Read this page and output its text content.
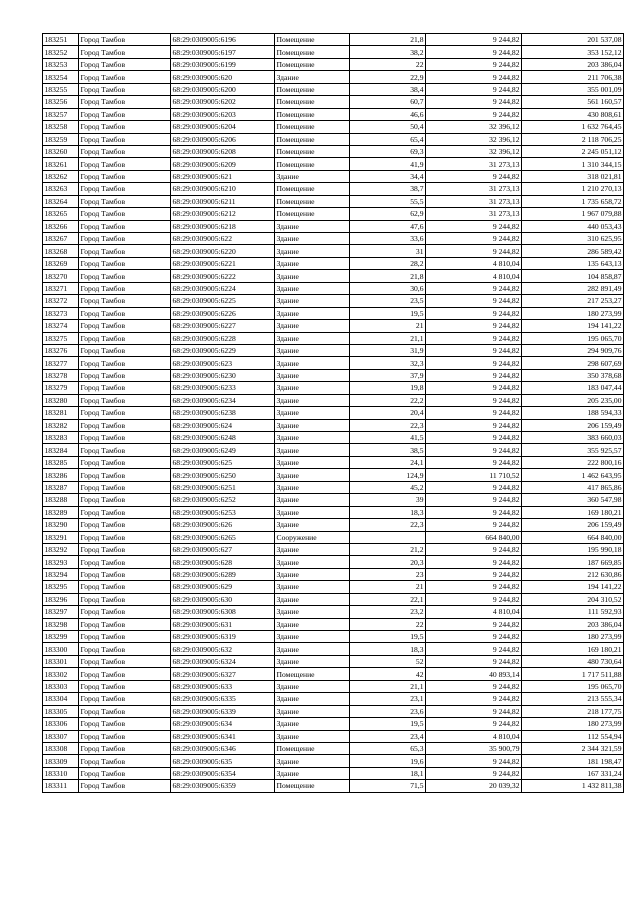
183251	Город Тамбов	68:29:0309005:6196	Помещение	21,8	9 244,82	201 537,08
183252	Город Тамбов	68:29:0309005:6197	Помещение	38,2	9 244,82	353 152,12
183253	Город Тамбов	68:29:0309005:6199	Помещение	22	9 244,82	203 386,04
183254	Город Тамбов	68:29:0309005:620	Здание	22,9	9 244,82	211 706,38
183255	Город Тамбов	68:29:0309005:6200	Помещение	38,4	9 244,82	355 001,09
183256	Город Тамбов	68:29:0309005:6202	Помещение	60,7	9 244,82	561 160,57
183257	Город Тамбов	68:29:0309005:6203	Помещение	46,6	9 244,82	430 808,61
183258	Город Тамбов	68:29:0309005:6204	Помещение	50,4	32 396,12	1 632 764,45
183259	Город Тамбов	68:29:0309005:6206	Помещение	65,4	32 396,12	2 118 706,25
183260	Город Тамбов	68:29:0309005:6208	Помещение	69,3	32 396,12	2 245 051,12
183261	Город Тамбов	68:29:0309005:6209	Помещение	41,9	31 273,13	1 310 344,15
183262	Город Тамбов	68:29:0309005:621	Здание	34,4	9 244,82	318 021,81
183263	Город Тамбов	68:29:0309005:6210	Помещение	38,7	31 273,13	1 210 270,13
183264	Город Тамбов	68:29:0309005:6211	Помещение	55,5	31 273,13	1 735 658,72
183265	Город Тамбов	68:29:0309005:6212	Помещение	62,9	31 273,13	1 967 079,88
183266	Город Тамбов	68:29:0309005:6218	Здание	47,6	9 244,82	440 053,43
183267	Город Тамбов	68:29:0309005:622	Здание	33,6	9 244,82	310 625,95
183268	Город Тамбов	68:29:0309005:6220	Здание	31	9 244,82	286 589,42
183269	Город Тамбов	68:29:0309005:6221	Здание	28,2	4 810,04	135 643,13
183270	Город Тамбов	68:29:0309005:6222	Здание	21,8	4 810,04	104 858,87
183271	Город Тамбов	68:29:0309005:6224	Здание	30,6	9 244,82	282 891,49
183272	Город Тамбов	68:29:0309005:6225	Здание	23,5	9 244,82	217 253,27
183273	Город Тамбов	68:29:0309005:6226	Здание	19,5	9 244,82	180 273,99
183274	Город Тамбов	68:29:0309005:6227	Здание	21	9 244,82	194 141,22
183275	Город Тамбов	68:29:0309005:6228	Здание	21,1	9 244,82	195 065,70
183276	Город Тамбов	68:29:0309005:6229	Здание	31,9	9 244,82	294 909,76
183277	Город Тамбов	68:29:0309005:623	Здание	32,3	9 244,82	298 607,69
183278	Город Тамбов	68:29:0309005:6230	Здание	37,9	9 244,82	350 378,68
183279	Город Тамбов	68:29:0309005:6233	Здание	19,8	9 244,82	183 047,44
183280	Город Тамбов	68:29:0309005:6234	Здание	22,2	9 244,82	205 235,00
183281	Город Тамбов	68:29:0309005:6238	Здание	20,4	9 244,82	188 594,33
183282	Город Тамбов	68:29:0309005:624	Здание	22,3	9 244,82	206 159,49
183283	Город Тамбов	68:29:0309005:6248	Здание	41,5	9 244,82	383 660,03
183284	Город Тамбов	68:29:0309005:6249	Здание	38,5	9 244,82	355 925,57
183285	Город Тамбов	68:29:0309005:625	Здание	24,1	9 244,82	222 800,16
183286	Город Тамбов	68:29:0309005:6250	Здание	124,9	11 710,52	1 462 643,95
183287	Город Тамбов	68:29:0309005:6251	Здание	45,2	9 244,82	417 865,86
183288	Город Тамбов	68:29:0309005:6252	Здание	39	9 244,82	360 547,98
183289	Город Тамбов	68:29:0309005:6253	Здание	18,3	9 244,82	169 180,21
183290	Город Тамбов	68:29:0309005:626	Здание	22,3	9 244,82	206 159,49
183291	Город Тамбов	68:29:0309005:6265	Сооружение		664 840,00	664 840,00
183292	Город Тамбов	68:29:0309005:627	Здание	21,2	9 244,82	195 990,18
183293	Город Тамбов	68:29:0309005:628	Здание	20,3	9 244,82	187 669,85
183294	Город Тамбов	68:29:0309005:6289	Здание	23	9 244,82	212 630,86
183295	Город Тамбов	68:29:0309005:629	Здание	21	9 244,82	194 141,22
183296	Город Тамбов	68:29:0309005:630	Здание	22,1	9 244,82	204 310,52
183297	Город Тамбов	68:29:0309005:6308	Здание	23,2	4 810,04	111 592,93
183298	Город Тамбов	68:29:0309005:631	Здание	22	9 244,82	203 386,04
183299	Город Тамбов	68:29:0309005:6319	Здание	19,5	9 244,82	180 273,99
183300	Город Тамбов	68:29:0309005:632	Здание	18,3	9 244,82	169 180,21
183301	Город Тамбов	68:29:0309005:6324	Здание	52	9 244,82	480 730,64
183302	Город Тамбов	68:29:0309005:6327	Помещение	42	40 893,14	1 717 511,88
183303	Город Тамбов	68:29:0309005:633	Здание	21,1	9 244,82	195 065,70
183304	Город Тамбов	68:29:0309005:6335	Здание	23,1	9 244,82	213 555,34
183305	Город Тамбов	68:29:0309005:6339	Здание	23,6	9 244,82	218 177,75
183306	Город Тамбов	68:29:0309005:634	Здание	19,5	9 244,82	180 273,99
183307	Город Тамбов	68:29:0309005:6341	Здание	23,4	4 810,04	112 554,94
183308	Город Тамбов	68:29:0309005:6346	Помещение	65,3	35 900,79	2 344 321,59
183309	Город Тамбов	68:29:0309005:635	Здание	19,6	9 244,82	181 198,47
183310	Город Тамбов	68:29:0309005:6354	Здание	18,1	9 244,82	167 331,24
183311	Город Тамбов	68:29:0309005:6359	Помещение	71,5	20 039,32	1 432 811,38
